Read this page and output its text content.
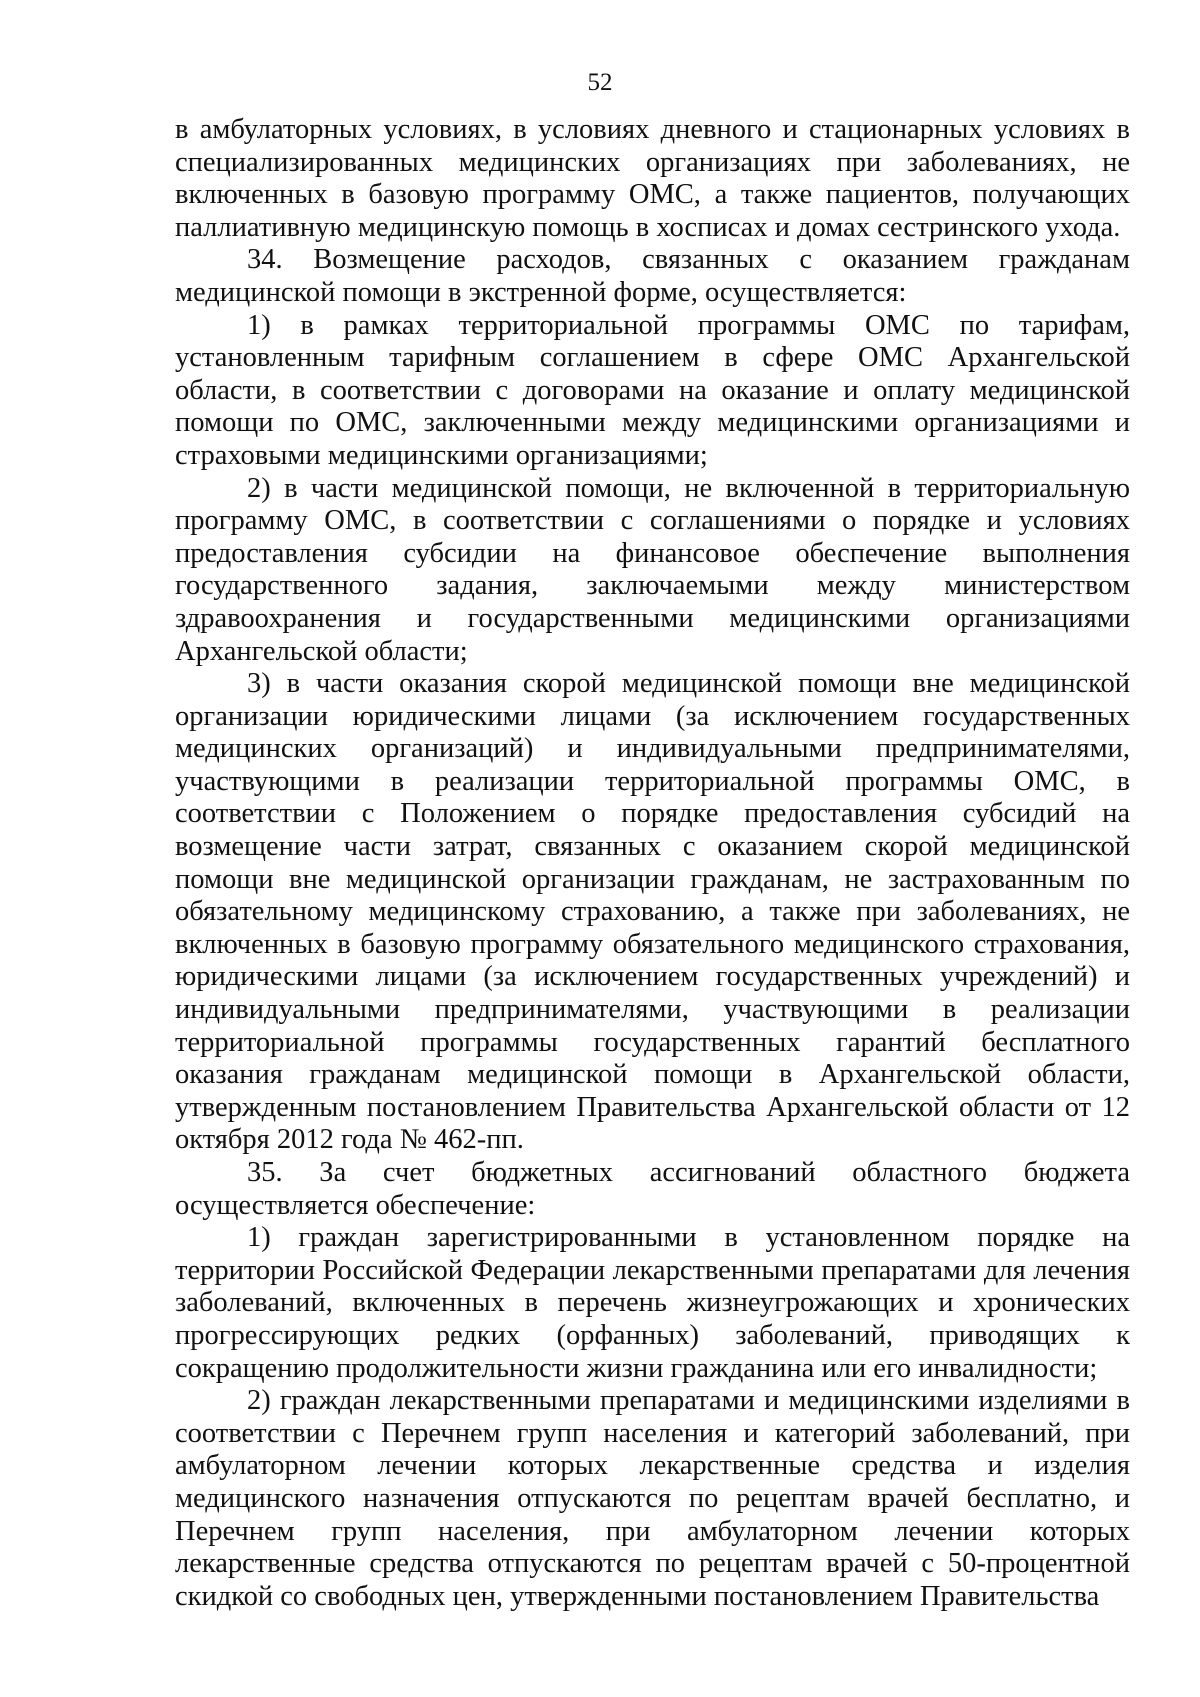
52

в амбулаторных условиях, в условиях дневного и стационарных условиях в специализированных медицинских организациях при заболеваниях, не включенных в базовую программу ОМС, а также пациентов, получающих паллиативную медицинскую помощь в хосписах и домах сестринского ухода.

34. Возмещение расходов, связанных с оказанием гражданам медицинской помощи в экстренной форме, осуществляется:

1) в рамках территориальной программы ОМС по тарифам, установленным тарифным соглашением в сфере ОМС Архангельской области, в соответствии с договорами на оказание и оплату медицинской помощи по ОМС, заключенными между медицинскими организациями и страховыми медицинскими организациями;

2) в части медицинской помощи, не включенной в территориальную программу ОМС, в соответствии с соглашениями о порядке и условиях предоставления субсидии на финансовое обеспечение выполнения государственного задания, заключаемыми между министерством здравоохранения и государственными медицинскими организациями Архангельской области;

3) в части оказания скорой медицинской помощи вне медицинской организации юридическими лицами (за исключением государственных медицинских организаций) и индивидуальными предпринимателями, участвующими в реализации территориальной программы ОМС, в соответствии с Положением о порядке предоставления субсидий на возмещение части затрат, связанных с оказанием скорой медицинской помощи вне медицинской организации гражданам, не застрахованным по обязательному медицинскому страхованию, а также при заболеваниях, не включенных в базовую программу обязательного медицинского страхования, юридическими лицами (за исключением государственных учреждений) и индивидуальными предпринимателями, участвующими в реализации территориальной программы государственных гарантий бесплатного оказания гражданам медицинской помощи в Архангельской области, утвержденным постановлением Правительства Архангельской области от 12 октября 2012 года № 462-пп.

35. За счет бюджетных ассигнований областного бюджета осуществляется обеспечение:

1) граждан зарегистрированными в установленном порядке на территории Российской Федерации лекарственными препаратами для лечения заболеваний, включенных в перечень жизнеугрожающих и хронических прогрессирующих редких (орфанных) заболеваний, приводящих к сокращению продолжительности жизни гражданина или его инвалидности;

2) граждан лекарственными препаратами и медицинскими изделиями в соответствии с Перечнем групп населения и категорий заболеваний, при амбулаторном лечении которых лекарственные средства и изделия медицинского назначения отпускаются по рецептам врачей бесплатно, и Перечнем групп населения, при амбулаторном лечении которых лекарственные средства отпускаются по рецептам врачей с 50-процентной скидкой со свободных цен, утвержденными постановлением Правительства
